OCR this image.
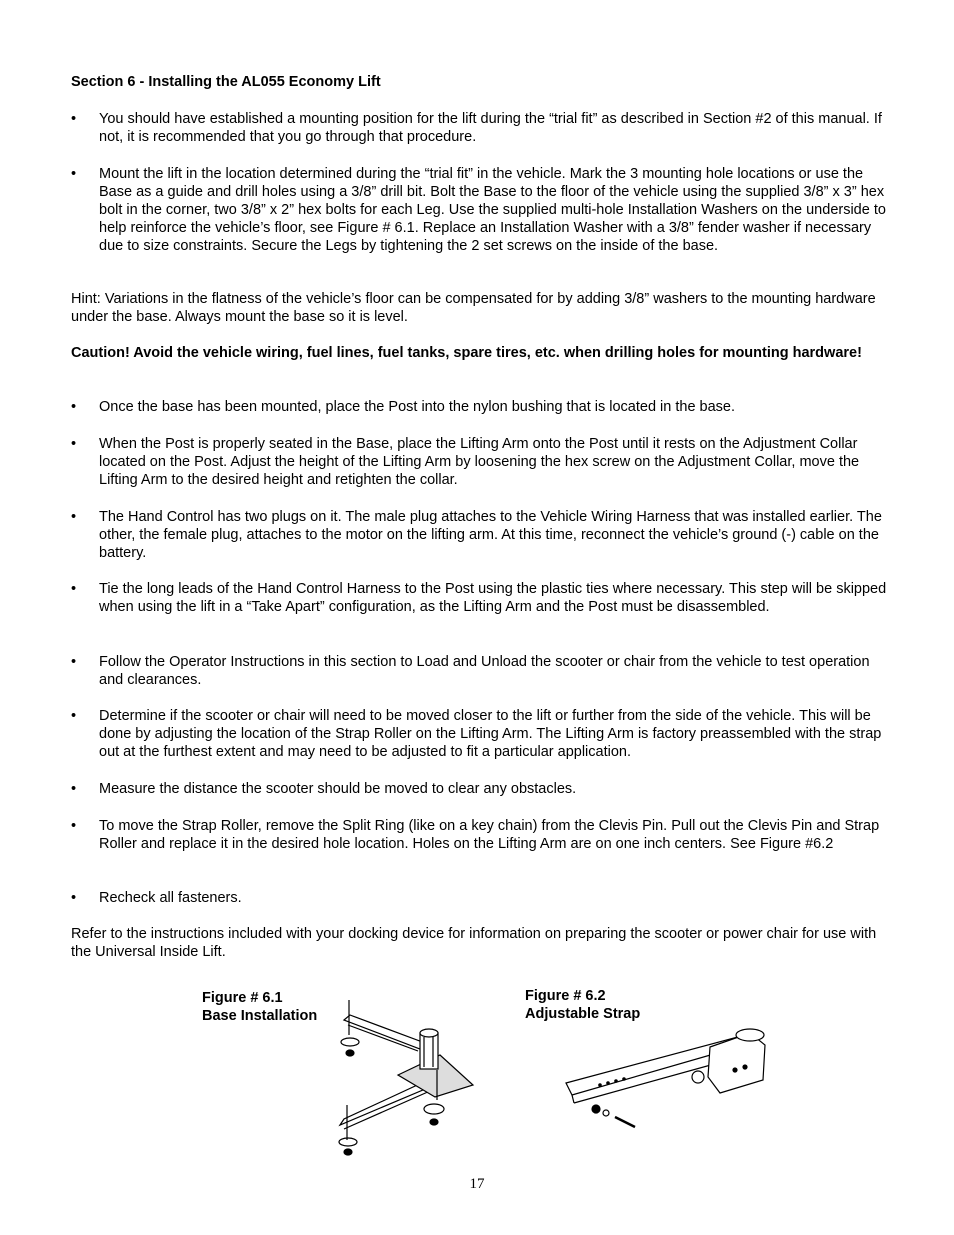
Section 6 - Installing the AL055 Economy Lift
•	You should have established a mounting position for the lift during the “trial fit” as described in Section #2 of this manual. If not, it is recommended that you go through that procedure.
•	Mount the lift in the location determined during the “trial fit” in the vehicle. Mark the 3 mounting hole locations or use the Base as a guide and drill holes using a 3/8” drill bit. Bolt the Base to the floor of the vehicle using the supplied 3/8” x 3” hex bolt in the corner, two 3/8” x 2” hex bolts for each Leg. Use the supplied multi-hole Installation Washers on the underside to help reinforce the vehicle’s floor, see Figure # 6.1. Replace an Installation Washer with a 3/8” fender washer if necessary due to size constraints. Secure the Legs by tightening the 2 set screws on the inside of the base.
Hint: Variations in the flatness of the vehicle’s floor can be compensated for by adding 3/8” washers to the mounting hardware under the base. Always mount the base so it is level.
Caution! Avoid the vehicle wiring, fuel lines, fuel tanks, spare tires, etc. when drilling holes for mounting hardware!
•	Once the base has been mounted, place the Post into the nylon bushing that is located in the base.
•	When the Post is properly seated in the Base, place the Lifting Arm onto the Post until it rests on the Adjustment Collar located on the Post. Adjust the height of the Lifting Arm by loosening the hex screw on the Adjustment Collar, move the Lifting Arm to the desired height and retighten the collar.
•	The Hand Control has two plugs on it. The male plug attaches to the Vehicle Wiring Harness that was installed earlier. The other, the female plug, attaches to the motor on the lifting arm. At this time, reconnect the vehicle’s ground (-) cable on the battery.
•	Tie the long leads of the Hand Control Harness to the Post using the plastic ties where necessary. This step will be skipped when using the lift in a “Take Apart” configuration, as the Lifting Arm and the Post must be disassembled.
•	Follow the Operator Instructions in this section to Load and Unload the scooter or chair from the vehicle to test operation and clearances.
•	Determine if the scooter or chair will need to be moved closer to the lift or further from the side of the vehicle. This will be done by adjusting the location of the Strap Roller on the Lifting Arm. The Lifting Arm is factory preassembled with the strap out at the furthest extent and may need to be adjusted to fit a particular application.
•	Measure the distance the scooter should be moved to clear any obstacles.
•	To move the Strap Roller, remove the Split Ring (like on a key chain) from the Clevis Pin. Pull out the Clevis Pin and Strap Roller and replace it in the desired hole location. Holes on the Lifting Arm are on one inch centers. See Figure #6.2
•	Recheck all fasteners.
Refer to the instructions included with your docking device for information on preparing the scooter or power chair for use with the Universal Inside Lift.
Figure # 6.1
Base Installation
Figure # 6.2
Adjustable Strap
17
